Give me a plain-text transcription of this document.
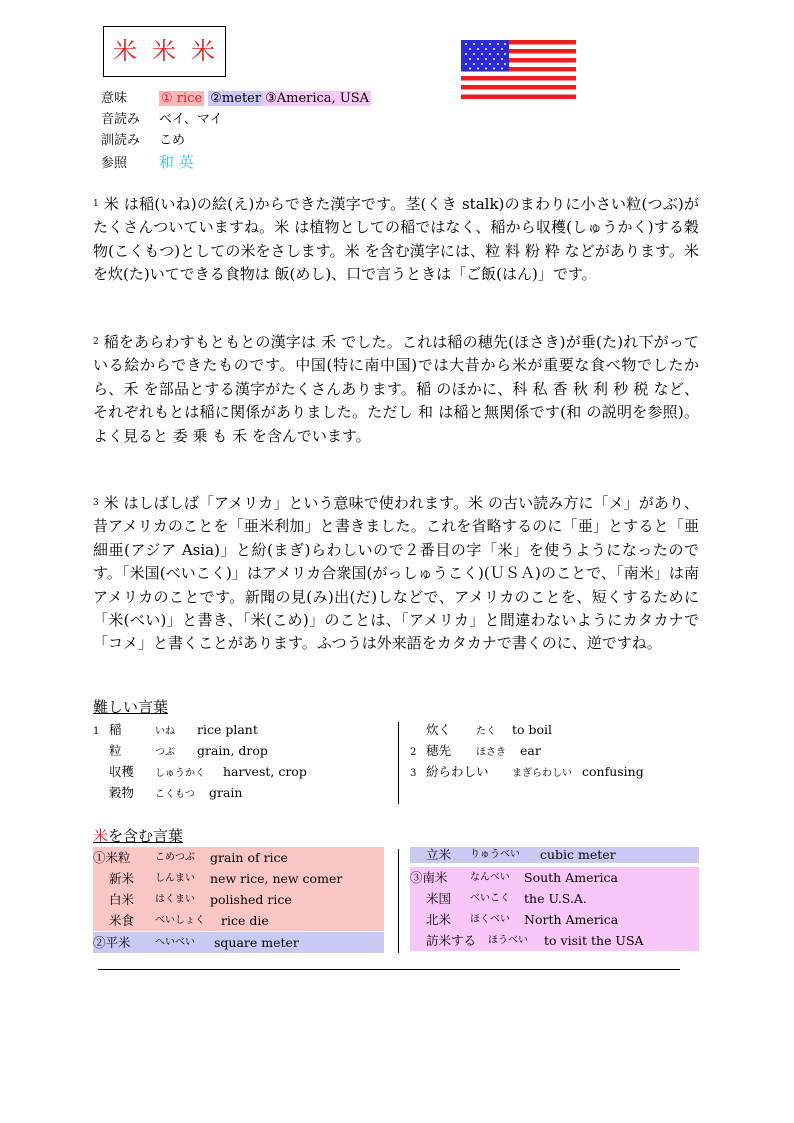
米 米 米
意味	① rice ②meter ③America, USA
音読み ベイ、マイ
訓読み こめ
参照 和 英

$^1$ 米 は稲(いね)の絵(え)からできた漢字です。茎(くき stalk)のまわりに小さい粒(つぶ)がたくさんついていますね。米 は植物としての稲ではなく、稲から収穫(しゅうかく)する穀物(こくもつ)としての米をさします。米 を含む漢字には、粒 料 粉 粋 などがあります。米を炊(た)いてできる食物は 飯(めし)、口で言うときは「ご飯(はん)」です。

$^2$ 稲をあらわすもともとの漢字は 禾 でした。これは稲の穂先(ほさき)が垂(た)れ下がっている絵からできたものです。中国(特に南中国)では大昔から米が重要な食べ物でしたから、禾 を部品とする漢字がたくさんあります。稲 のほかに、科 私 香 秋 利 秒 税 など、それぞれもとは稲に関係がありました。ただし 和 は稲と無関係です(和 の説明を参照)。よく見ると 委 乗 も 禾 を含んでいます。

$^3$ 米 はしばしば「アメリカ」という意味で使われます。米 の古い読み方に「メ」があり、昔アメリカのことを「亜米利加」と書きました。これを省略するのに「亜」とすると「亜細亜(アジア Asia)」と紛(まぎ)らわしいので２番目の字「米」を使うようになったのです。「米国(べいこく)」はアメリカ合衆国(がっしゅうこく)(ＵＳＡ)のことで、「南米」は南アメリカのことです。新聞の見(み)出(だ)しなどで、アメリカのことを、短くするために「米(べい)」と書き、「米(こめ)」のことは、「アメリカ」と間違わないようにカタカナで「コメ」と書くことがあります。ふつうは外来語をカタカナで書くのに、逆ですね。

難しい言葉
1 稲	いね rice plant
粒	つぶ grain, drop
収穫 しゅうかく harvest, crop
穀物 こくもつ grain
炊く たく to boil
2 穂先 ほさき ear
3 紛らわしい まぎらわしい confusing
米を含む言葉
①米粒 こめつぶ grain of rice
新米 しんまい new rice, new comer
白米 はくまい polished rice
米食 べいしょく rice die
②平米 へいべい square meter
立米 りゅうべい cubic meter
③南米 なんべい South America
米国 べいこく the U.S.A.
北米 ほくべい North America
訪米する ほうべい to visit the USA
